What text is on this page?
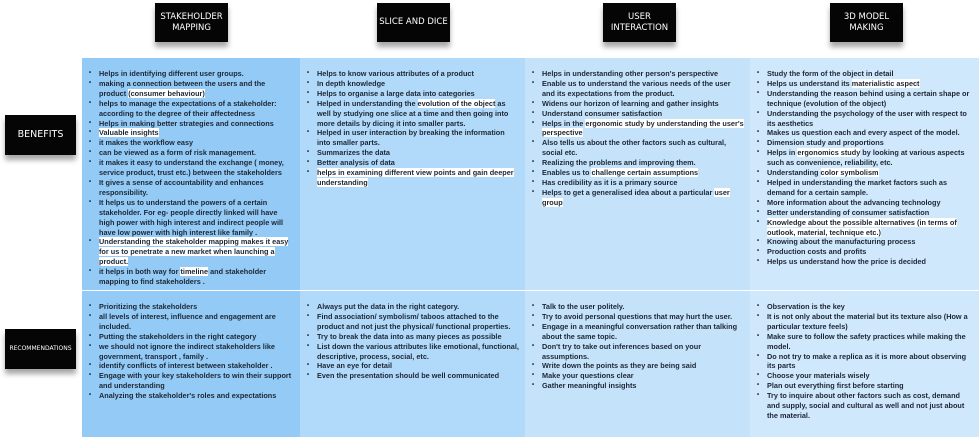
STAKEHOLDER MAPPING
SLICE AND DICE
USER INTERACTION
3D MODEL MAKING
BENEFITS
RECOMMENDATIONS
• Helps in identifying different user groups.
• making a connection between the users and the product (consumer behaviour)
• helps to manage the expectations of a stakeholder: according to the degree of their affectedness
• Helps in making better strategies and connections
• Valuable insights
• it makes the workflow easy
• can be viewed as a form of risk management.
• it makes it easy to understand the exchange ( money, service product, trust etc.) between the stakeholders
• It gives a sense of accountability and enhances responsibility.
• It helps us to understand the powers of a certain stakeholder. For eg- people directly linked will have high power with high interest and indirect people will have low power with high interest like family .
• Understanding the stakeholder mapping makes it easy for us to penetrate a new market when launching a product.
• it helps in both way for timeline and stakeholder mapping to find stakeholders .
• Helps to know various attributes of a product
• In depth knowledge
• Helps to organise a large data into categories
• Helped in understanding the evolution of the object as well by studying one slice at a time and then going into more details by dicing it into smaller parts.
• Helped in user interaction by breaking the information into smaller parts.
• Summarizes the data
• Better analysis of data
• helps in examining different view points and gain deeper understanding
• Helps in understanding other person's perspective
• Enable us to understand the various needs of the user and its expectations from the product.
• Widens our horizon of learning and gather insights
• Understand consumer satisfaction
• Helps in the ergonomic study by understanding the user's perspective
• Also tells us about the other factors such as cultural, social etc.
• Realizing the problems and improving them.
• Enables us to challenge certain assumptions
• Has credibility as it is a primary source
• Helps to get a generalised idea about a particular user group
• Study the form of the object in detail
• Helps us understand its materialistic aspect
• Understanding the reason behind using a certain shape or technique (evolution of the object)
• Understanding the psychology of the user with respect to its aesthetics
• Makes us question each and every aspect of the model.
• Dimension study and proportions
• Helps in ergonomics study by looking at various aspects such as convenience, reliability, etc.
• Understanding color symbolism
• Helped in understanding the market factors such as demand for a certain sample.
• More information about the advancing technology
• Better understanding of consumer satisfaction
• Knowledge about the possible alternatives (in terms of outlook, material, technique etc.)
• Knowing about the manufacturing process
• Production costs and profits
• Helps us understand how the price is decided
• Prioritizing the stakeholders
• all levels of interest, influence and engagement are included.
• Putting the stakeholders in the right category
• we should not ignore the indirect stakeholders like government, transport , family .
• identify conflicts of interest between stakeholder .
• Engage with your key stakeholders to win their support and understanding
• Analyzing the stakeholder's roles and expectations
• Always put the data in the right category.
• Find association/ symbolism/ taboos attached to the product and not just the physical/ functional properties.
• Try to break the data into as many pieces as possible
• List down the various attributes like emotional, functional, descriptive, process, social, etc.
• Have an eye for detail
• Even the presentation should be well communicated
• Talk to the user politely.
• Try to avoid personal questions that may hurt the user.
• Engage in a meaningful conversation rather than talking about the same topic.
• Don't try to take out inferences based on your assumptions.
• Write down the points as they are being said
• Make your questions clear
• Gather meaningful insights
• Observation is the key
• It is not only about the material but its texture also (How a particular texture feels)
• Make sure to follow the safety practices while making the model.
• Do not try to make a replica as it is more about observing its parts
• Choose your materials wisely
• Plan out everything first before starting
• Try to inquire about other factors such as cost, demand and supply, social and cultural as well and not just about the material.
